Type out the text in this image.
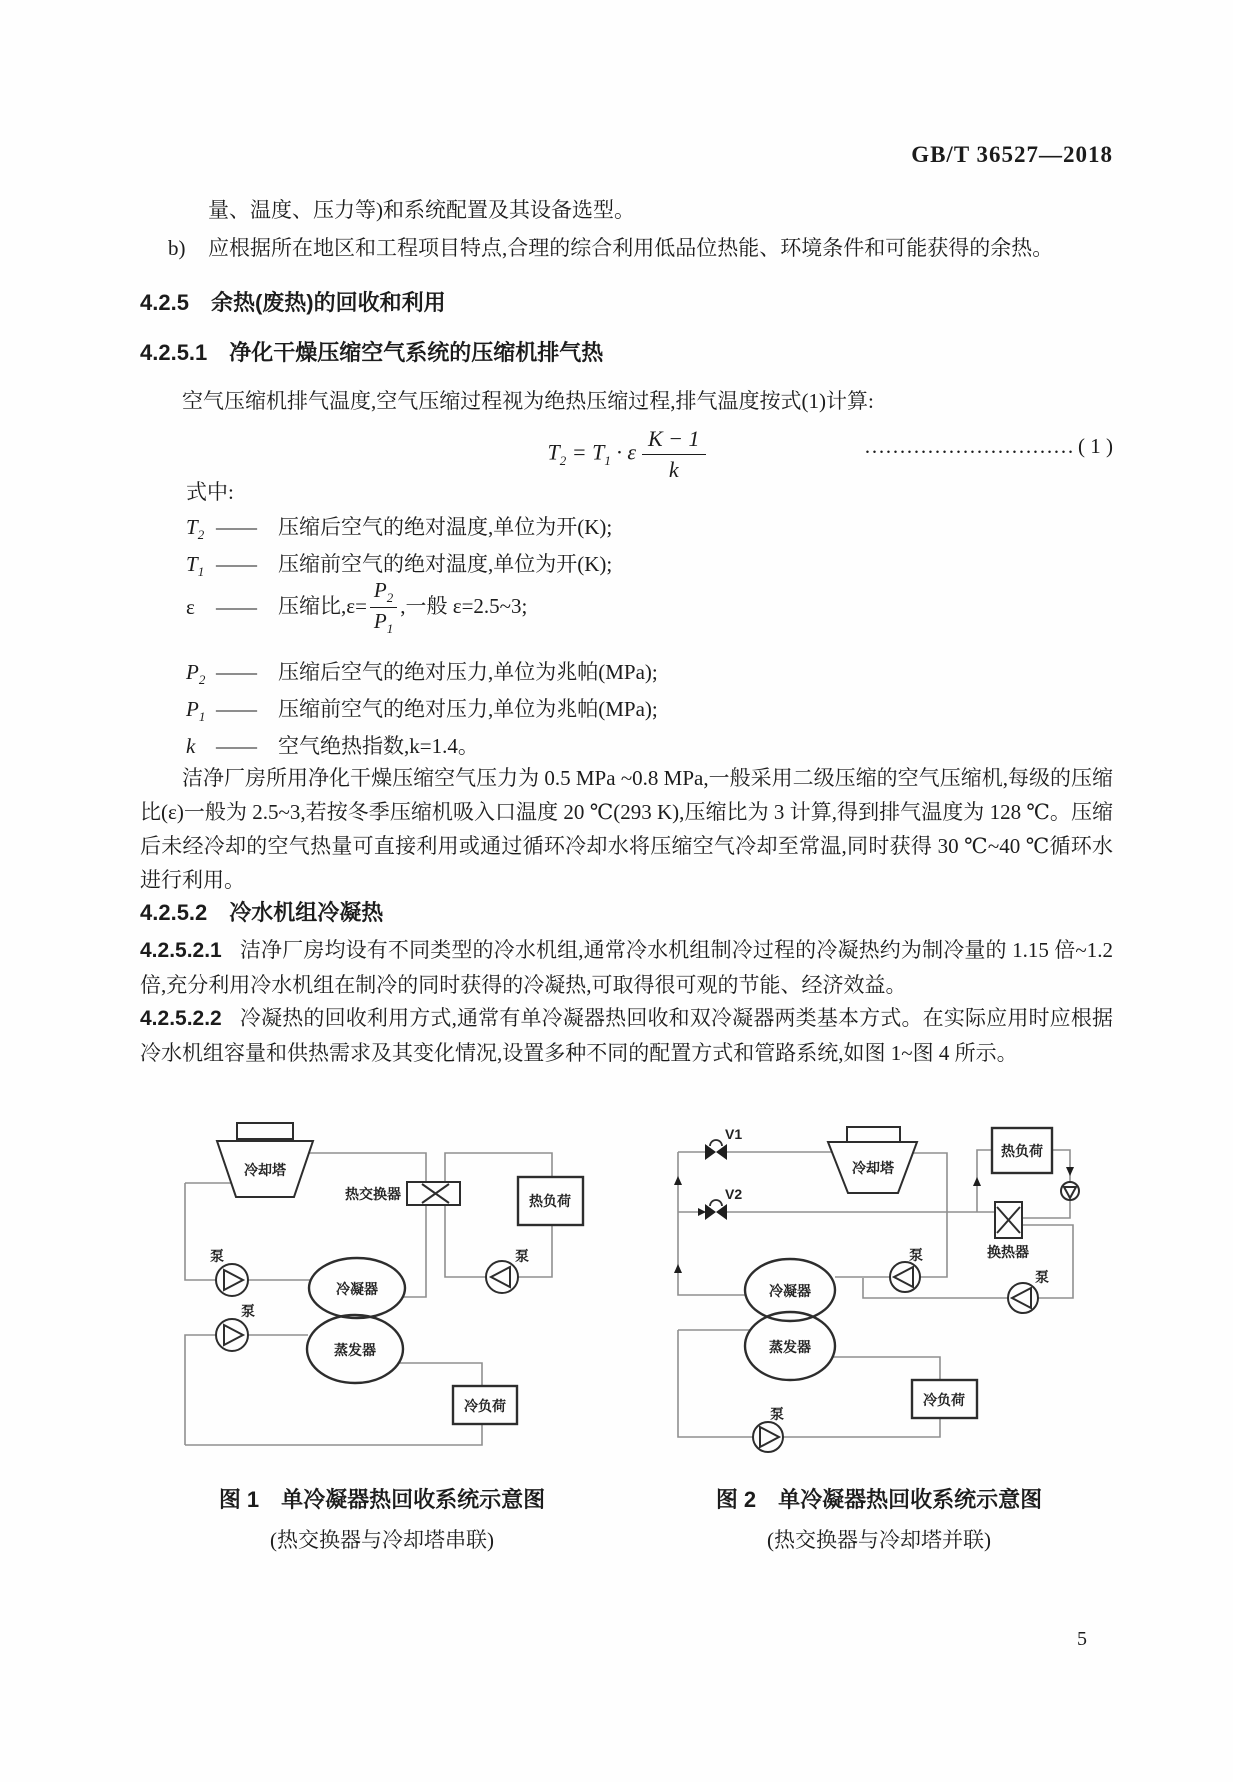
GB/T 36527—2018
量、温度、压力等)和系统配置及其设备选型。
b) 应根据所在地区和工程项目特点,合理的综合利用低品位热能、环境条件和可能获得的余热。
4.2.5 余热(废热)的回收和利用
4.2.5.1 净化干燥压缩空气系统的压缩机排气热
空气压缩机排气温度,空气压缩过程视为绝热压缩过程,排气温度按式(1)计算:
$T_2 = T_1 \cdot \varepsilon \frac{K - 1}{k}$	………………………… ( 1 )
式中:
$T_2$ —— 压缩后空气的绝对温度,单位为开(K);
$T_1$ —— 压缩前空气的绝对温度,单位为开(K);
ε —— 压缩比$,\varepsilon= \frac{P_2}{P_1}$ ,一般 ε=2.5~3;
$P_2$ —— 压缩后空气的绝对压力,单位为兆帕(MPa);
$P_1$ —— 压缩前空气的绝对压力,单位为兆帕(MPa);
k —— 空气绝热指数,k=1.4。
洁净厂房所用净化干燥压缩空气压力为 0.5 MPa ~0.8 MPa,一般采用二级压缩的空气压缩机,每级的压缩比(ε)一般为 2.5~3,若按冬季压缩机吸入口温度 20 ℃(293 K),压缩比为 3 计算,得到排气温度为 128 ℃。压缩后未经冷却的空气热量可直接利用或通过循环冷却水将压缩空气冷却至常温,同时获得 30 ℃~40 ℃循环水进行利用。
4.2.5.2 冷水机组冷凝热
4.2.5.2.1 洁净厂房均设有不同类型的冷水机组,通常冷水机组制冷过程的冷凝热约为制冷量的 1.15 倍~1.2 倍,充分利用冷水机组在制冷的同时获得的冷凝热,可取得很可观的节能、经济效益。
4.2.5.2.2 冷凝热的回收利用方式,通常有单冷凝器热回收和双冷凝器两类基本方式。在实际应用时应根据冷水机组容量和供热需求及其变化情况,设置多种不同的配置方式和管路系统,如图 1~图 4 所示。
冷却塔
热交换器	热负荷
泵
泵
泵
冷凝器
蒸发器
冷负荷
V1
V2
冷却塔
热负荷
换热器
泵
泵
泵
冷凝器
蒸发器
冷负荷
图 1　单冷凝器热回收系统示意图
(热交换器与冷却塔串联)
图 2　单冷凝器热回收系统示意图
(热交换器与冷却塔并联)
5
